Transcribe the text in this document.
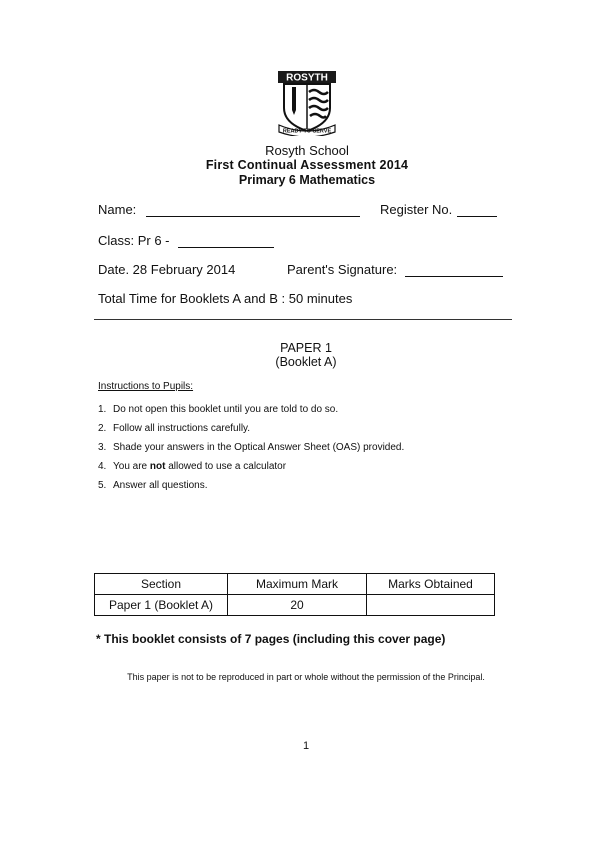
ROSYTH
READY TO SERVE
Rosyth School
First Continual Assessment 2014
Primary 6 Mathematics
Name:	Register No.
Class: Pr 6 -
Date. 28 February 2014	Parent's Signature:
Total Time for Booklets A and B : 50 minutes
PAPER 1
(Booklet A)
Instructions to Pupils:
1. Do not open this booklet until you are told to do so.
2. Follow all instructions carefully.
3. Shade your answers in the Optical Answer Sheet (OAS) provided.
4. You are not allowed to use a calculator
5. Answer all questions.
Section	Maximum Mark	Marks Obtained
Paper 1 (Booklet A)	20	
* This booklet consists of 7 pages (including this cover page)
This paper is not to be reproduced in part or whole without the permission of the Principal.
1
